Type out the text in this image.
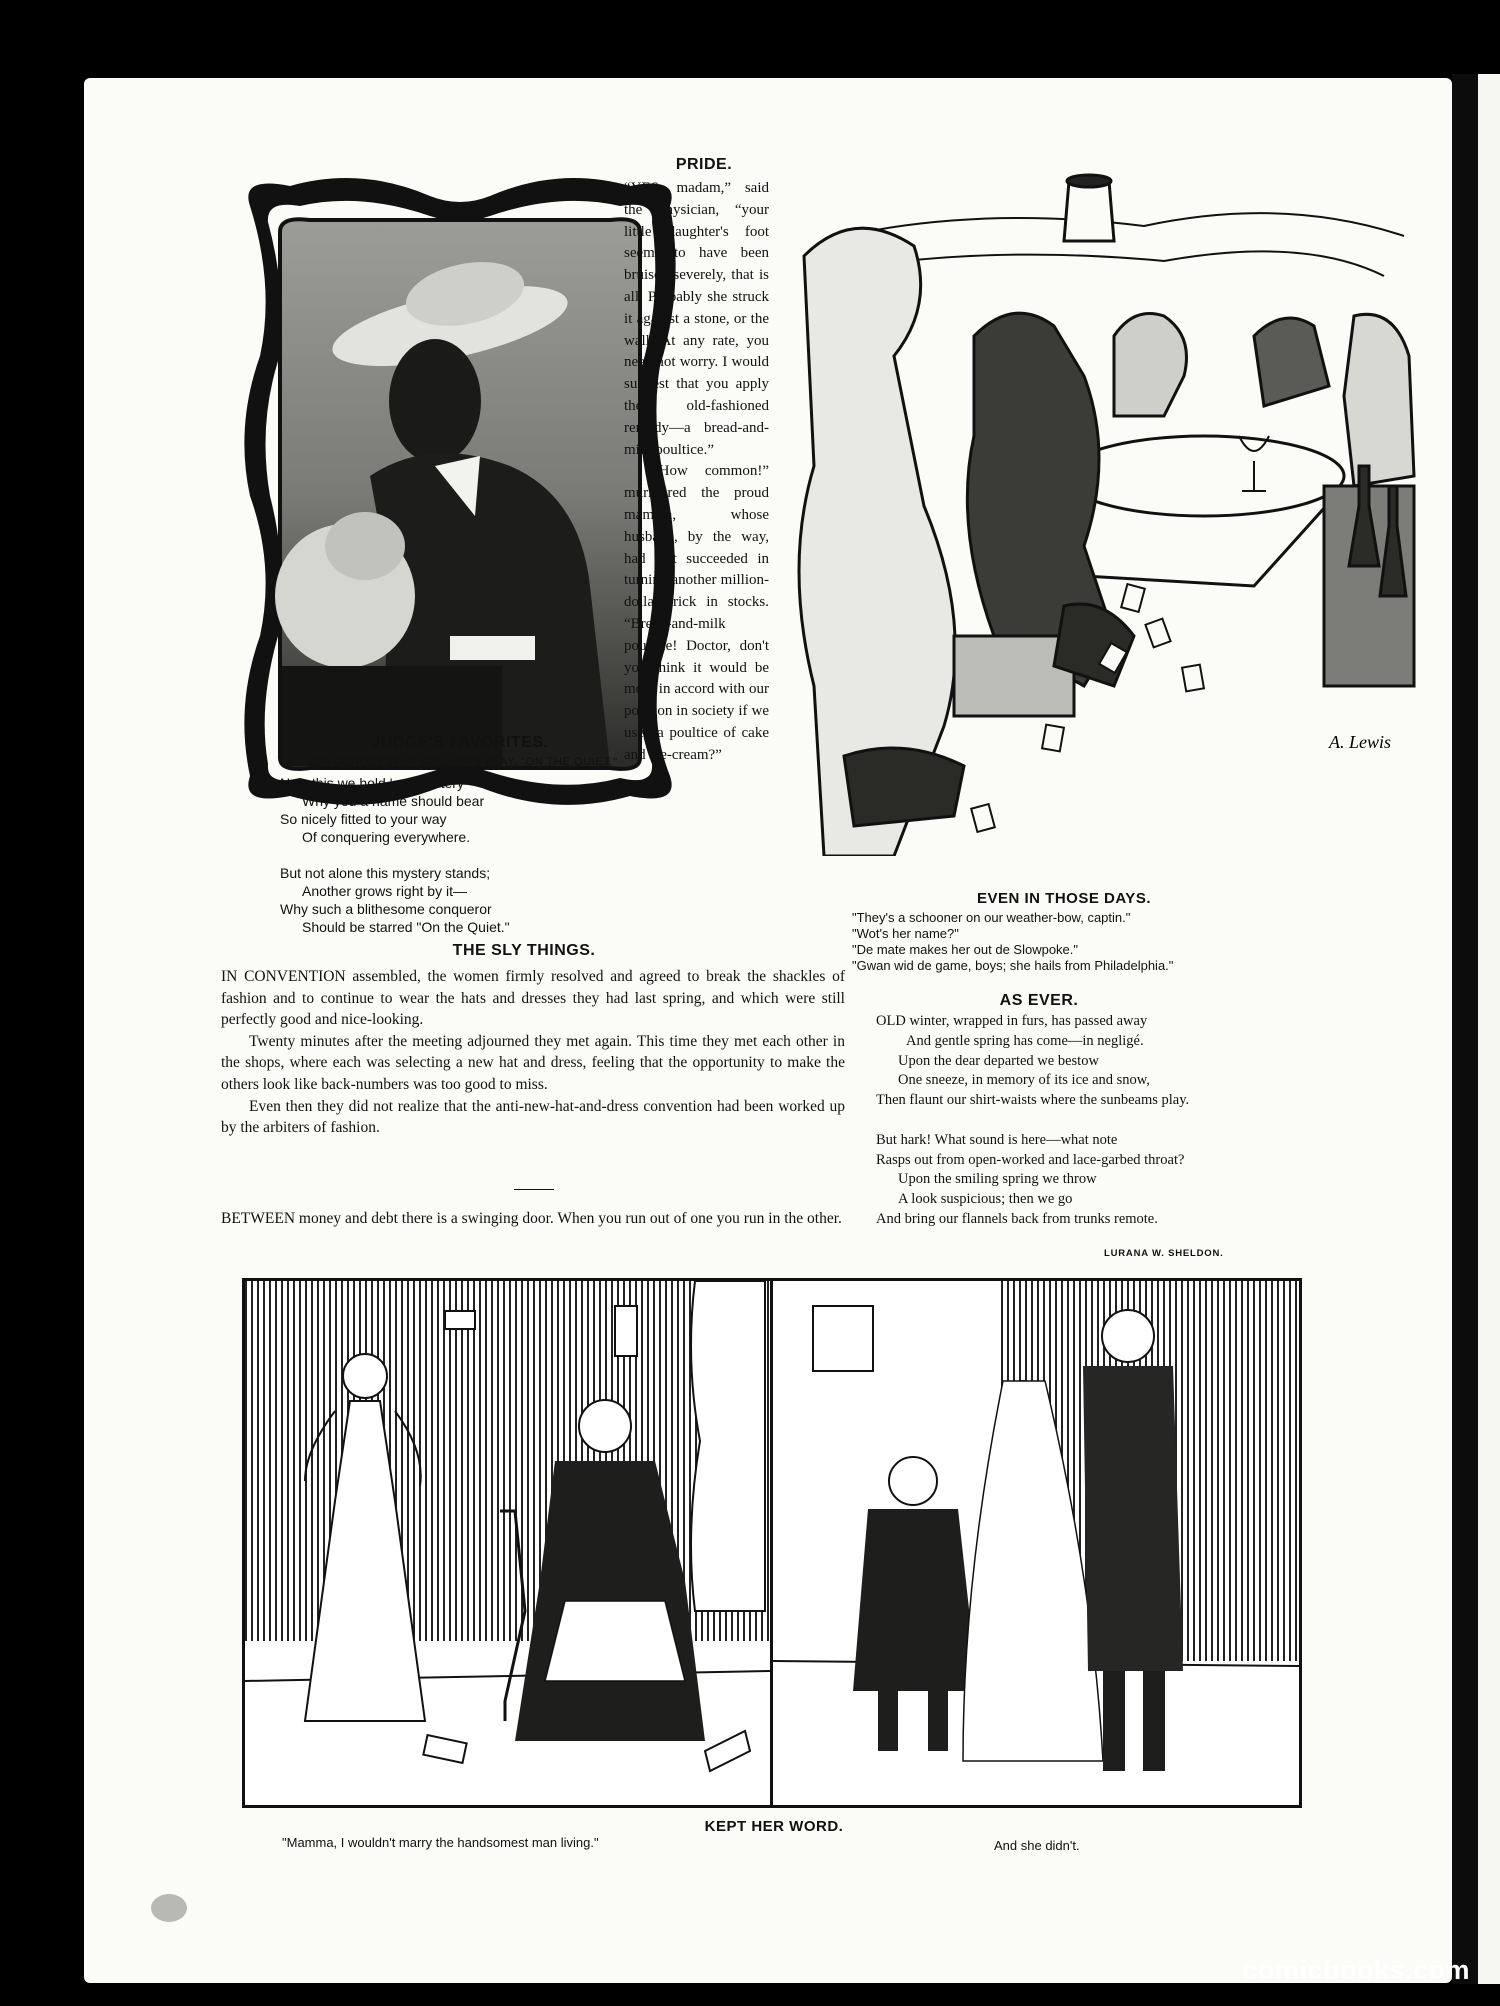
JUDGE'S FAVORITES.
IDA CONQUEST IN COLLIER'S PLAY, "ON THE QUIET."
Now this we hold 's a mystery
Why you a name should bear
So nicely fitted to your way
Of conquering everywhere.
But not alone this mystery stands;
Another grows right by it—
Why such a blithesome conqueror
Should be starred "On the Quiet."
PRIDE.

“YES, madam,” said the physician, “your little daughter's foot seems to have been bruised severely, that is all. Probably she struck it against a stone, or the wall. At any rate, you need not worry. I would suggest that you apply the old-fashioned remedy—a bread-and-milk poultice.”

“How common!” murmured the proud mamma, whose husband, by the way, had just succeeded in turning another million-dollar trick in stocks. “Bread-and-milk poultice! Doctor, don't you think it would be more in accord with our position in society if we used a poultice of cake and ice-cream?”

A. Lewis
EVEN IN THOSE DAYS.
"They's a schooner on our weather-bow, captin."
"Wot's her name?"
"De mate makes her out de Slowpoke."
"Gwan wid de game, boys; she hails from Philadelphia."
THE SLY THINGS.

IN CONVENTION assembled, the women firmly resolved and agreed to break the shackles of fashion and to continue to wear the hats and dresses they had last spring, and which were still perfectly good and nice-looking.

Twenty minutes after the meeting adjourned they met again. This time they met each other in the shops, where each was selecting a new hat and dress, feeling that the opportunity to make the others look like back-numbers was too good to miss.

Even then they did not realize that the anti-new-hat-and-dress convention had been worked up by the arbiters of fashion.

BETWEEN money and debt there is a swinging door. When you run out of one you run in the other.
AS EVER.
OLD winter, wrapped in furs, has passed away
And gentle spring has come—in negligé.
Upon the dear departed we bestow
One sneeze, in memory of its ice and snow,
Then flaunt our shirt-waists where the sunbeams play.
But hark! What sound is here—what note
Rasps out from open-worked and lace-garbed throat?
Upon the smiling spring we throw
A look suspicious; then we go
And bring our flannels back from trunks remote.
LURANA W. SHELDON.
KEPT HER WORD.
"Mamma, I wouldn't marry the handsomest man living."	And she didn't.
comicbooks.com
